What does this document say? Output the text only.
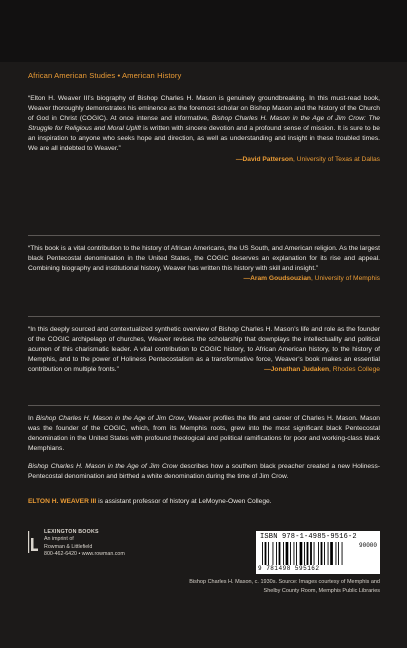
African American Studies • American History

“Elton H. Weaver III’s biography of Bishop Charles H. Mason is genuinely groundbreaking. In this must-read book, Weaver thoroughly demonstrates his eminence as the foremost scholar on Bishop Mason and the history of the Church of God in Christ (COGIC). At once intense and informative, Bishop Charles H. Mason in the Age of Jim Crow: The Struggle for Religious and Moral Uplift is written with sincere devotion and a profound sense of mission. It is sure to be an inspiration to anyone who seeks hope and direction, as well as understanding and insight in these troubled times. We are all indebted to Weaver.”

—David Patterson, University of Texas at Dallas

“This book is a vital contribution to the history of African Americans, the US South, and American religion. As the largest black Pentecostal denomination in the United States, the COGIC deserves an explanation for its rise and appeal. Combining biography and institutional history, Weaver has written this history with skill and insight.”

—Aram Goudsouzian, University of Memphis

“In this deeply sourced and contextualized synthetic overview of Bishop Charles H. Mason’s life and role as the founder of the COGIC archipelago of churches, Weaver revises the scholarship that downplays the intellectuality and political acumen of this charismatic leader. A vital contribution to COGIC history, to African American history, to the history of Memphis, and to the power of Holiness Pentecostalism as a transformative force, Weaver’s book makes an essential contribution on multiple fronts.”	—Jonathan Judaken, Rhodes College

In Bishop Charles H. Mason in the Age of Jim Crow, Weaver profiles the life and career of Charles H. Mason. Mason was the founder of the COGIC, which, from its Memphis roots, grew into the most significant black Pentecostal denomination in the United States with profound theological and political ramifications for poor and working-class black Memphians.

Bishop Charles H. Mason in the Age of Jim Crow describes how a southern black preacher created a new Holiness-Pentecostal denomination and birthed a white denomination during the time of Jim Crow.

ELTON H. WEAVER III is assistant professor of history at LeMoyne-Owen College.

LEXINGTON BOOKS
An imprint of
Rowman & Littlefield
800-462-6420 • www.rowman.com
ISBN 978-1-4985-9516-2
90000
9 781498 595162
Bishop Charles H. Mason, c. 1930s. Source: Images courtesy of Memphis and Shelby County Room, Memphis Public Libraries
